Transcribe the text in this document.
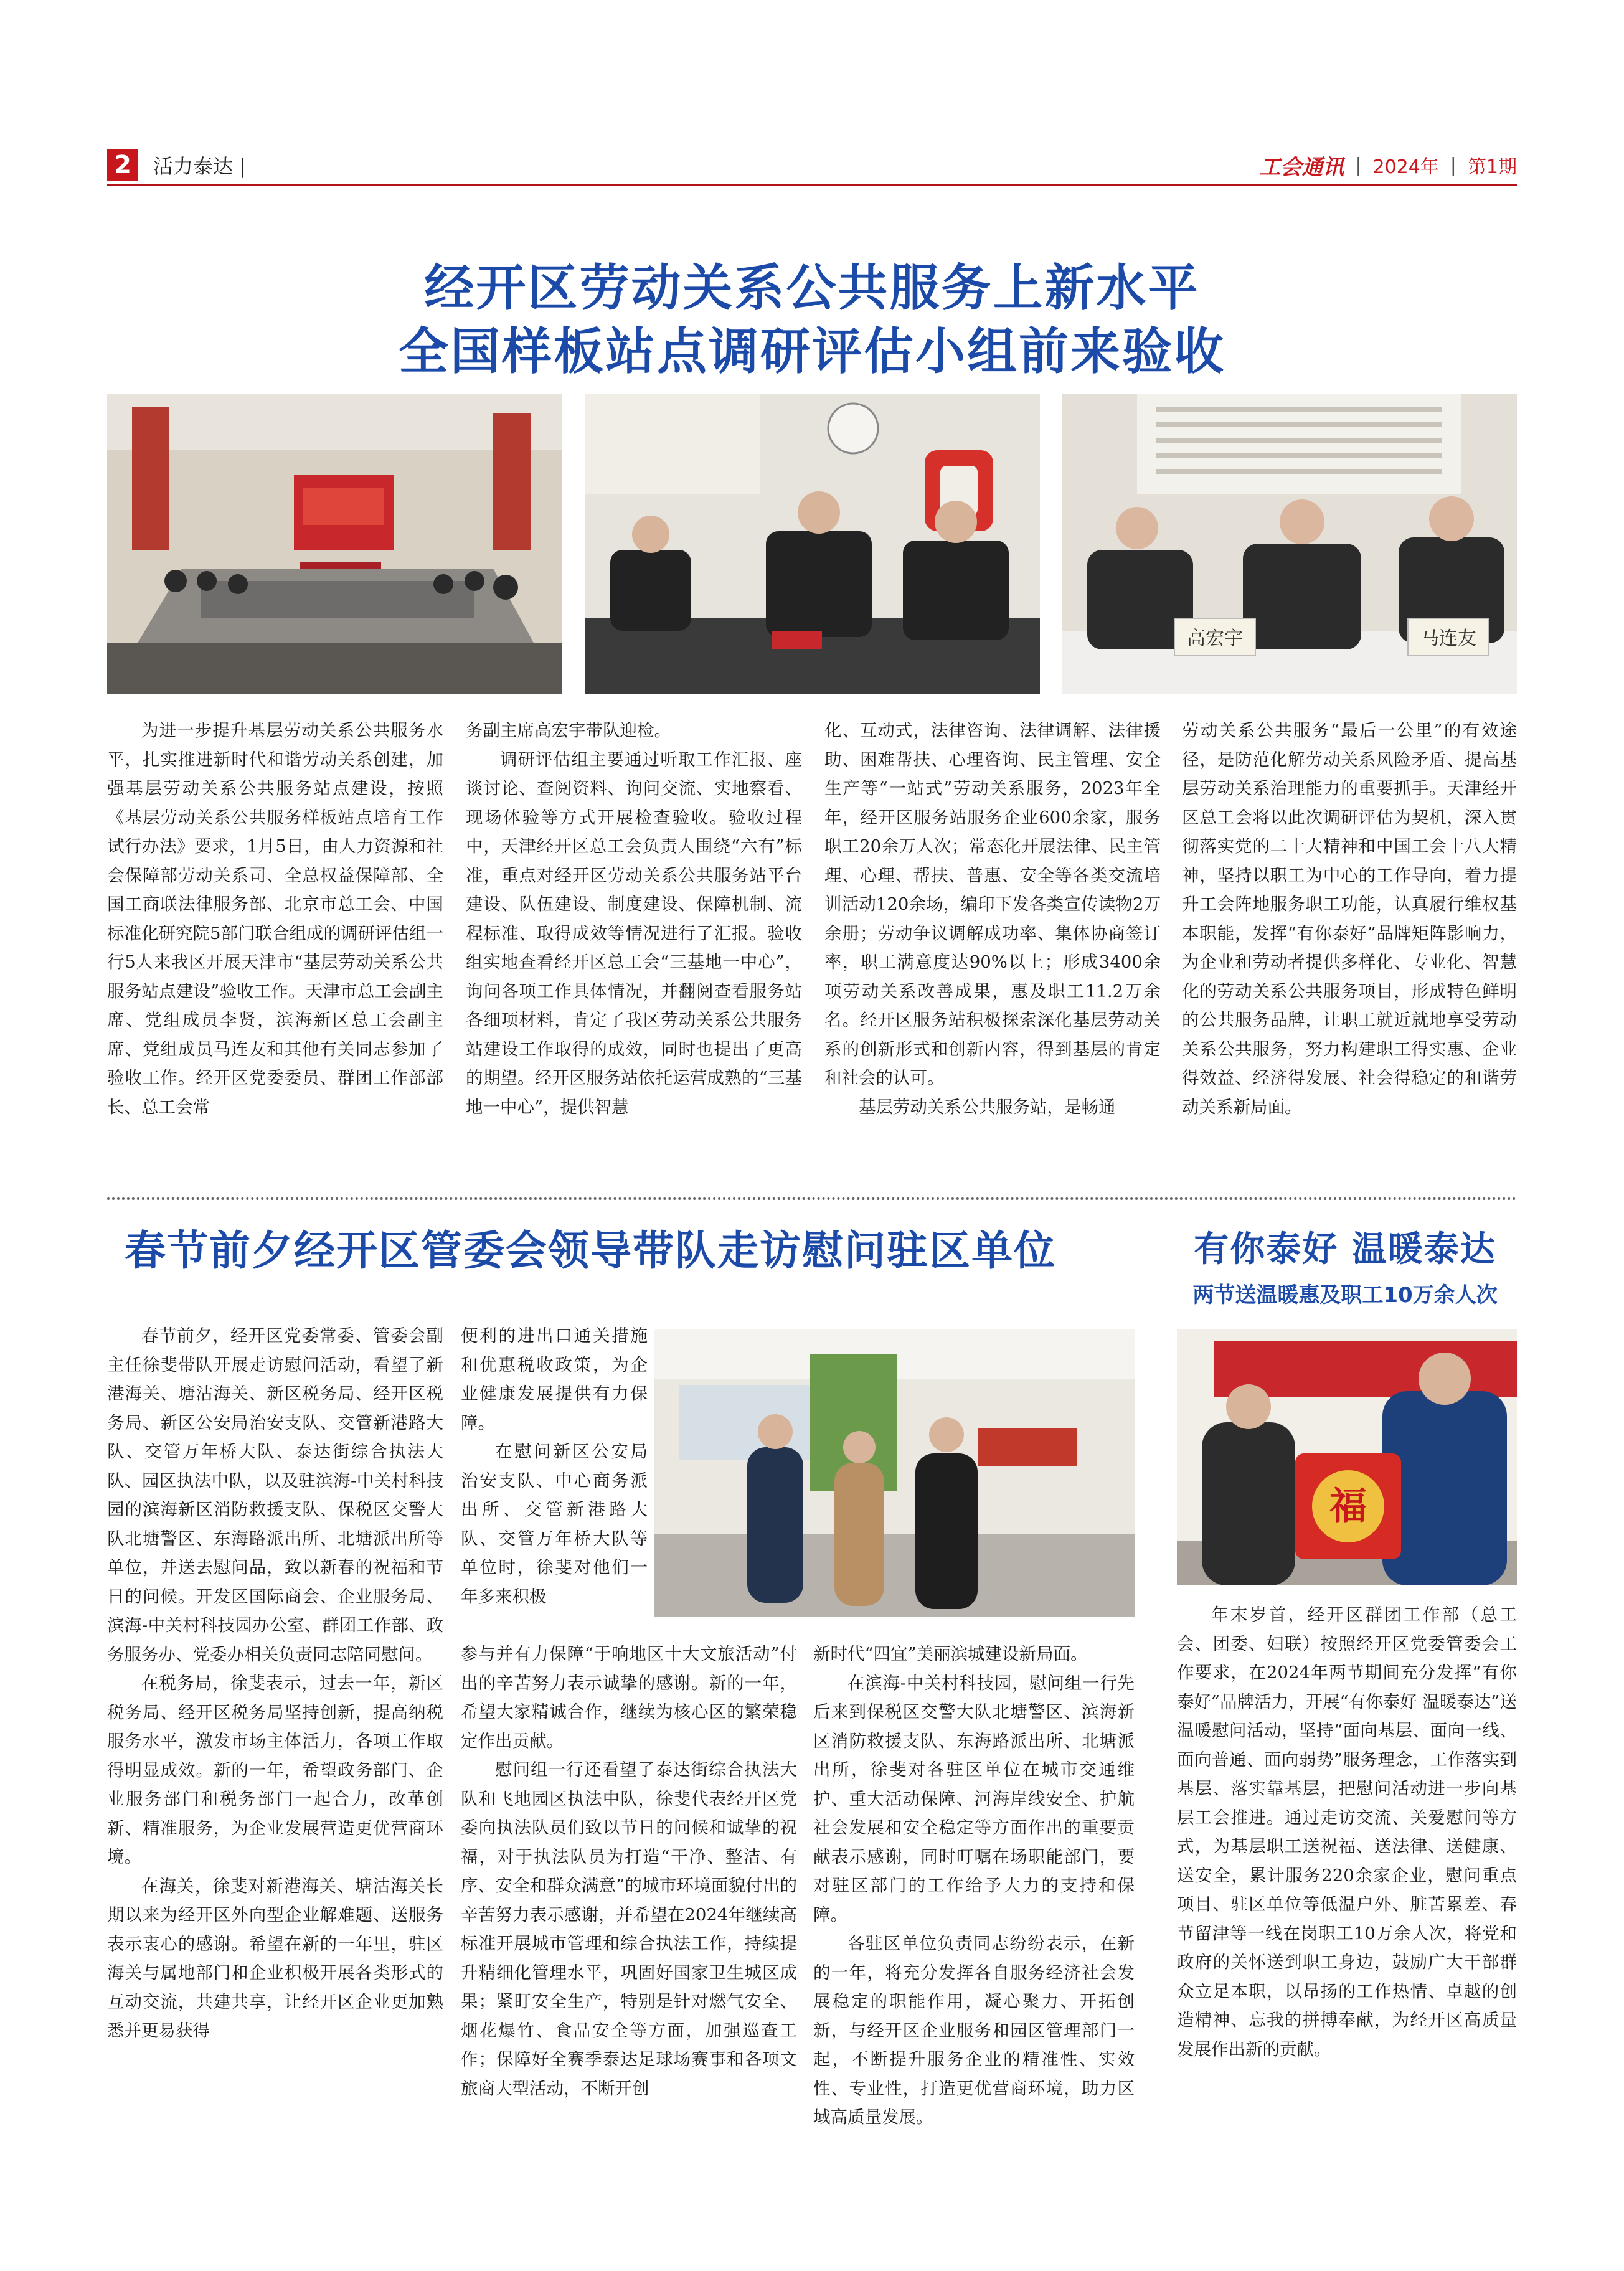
2	活力泰达 |	工会通讯 | 2024年 | 第1期
经开区劳动关系公共服务上新水平
全国样板站点调研评估小组前来验收
高宏宇	马连友

为进一步提升基层劳动关系公共服务水平，扎实推进新时代和谐劳动关系创建，加强基层劳动关系公共服务站点建设，按照《基层劳动关系公共服务样板站点培育工作试行办法》要求，1月5日，由人力资源和社会保障部劳动关系司、全总权益保障部、全国工商联法律服务部、北京市总工会、中国标准化研究院5部门联合组成的调研评估组一行5人来我区开展天津市“基层劳动关系公共服务站点建设”验收工作。天津市总工会副主席、党组成员李贤，滨海新区总工会副主席、党组成员马连友和其他有关同志参加了验收工作。经开区党委委员、群团工作部部长、总工会常

务副主席高宏宇带队迎检。

调研评估组主要通过听取工作汇报、座谈讨论、查阅资料、询问交流、实地察看、现场体验等方式开展检查验收。验收过程中，天津经开区总工会负责人围绕“六有”标准，重点对经开区劳动关系公共服务站平台建设、队伍建设、制度建设、保障机制、流程标准、取得成效等情况进行了汇报。验收组实地查看经开区总工会“三基地一中心”，询问各项工作具体情况，并翻阅查看服务站各细项材料，肯定了我区劳动关系公共服务站建设工作取得的成效，同时也提出了更高的期望。经开区服务站依托运营成熟的“三基地一中心”，提供智慧

化、互动式，法律咨询、法律调解、法律援助、困难帮扶、心理咨询、民主管理、安全生产等“一站式”劳动关系服务，2023年全年，经开区服务站服务企业600余家，服务职工20余万人次；常态化开展法律、民主管理、心理、帮扶、普惠、安全等各类交流培训活动120余场，编印下发各类宣传读物2万余册；劳动争议调解成功率、集体协商签订率，职工满意度达90%以上；形成3400余项劳动关系改善成果，惠及职工11.2万余名。经开区服务站积极探索深化基层劳动关系的创新形式和创新内容，得到基层的肯定和社会的认可。

基层劳动关系公共服务站，是畅通

劳动关系公共服务“最后一公里”的有效途径，是防范化解劳动关系风险矛盾、提高基层劳动关系治理能力的重要抓手。天津经开区总工会将以此次调研评估为契机，深入贯彻落实党的二十大精神和中国工会十八大精神，坚持以职工为中心的工作导向，着力提升工会阵地服务职工功能，认真履行维权基本职能，发挥“有你泰好”品牌矩阵影响力，为企业和劳动者提供多样化、专业化、智慧化的劳动关系公共服务项目，形成特色鲜明的公共服务品牌，让职工就近就地享受劳动关系公共服务，努力构建职工得实惠、企业得效益、经济得发展、社会得稳定的和谐劳动关系新局面。

春节前夕经开区管委会领导带队走访慰问驻区单位

春节前夕，经开区党委常委、管委会副主任徐斐带队开展走访慰问活动，看望了新港海关、塘沽海关、新区税务局、经开区税务局、新区公安局治安支队、交管新港路大队、交管万年桥大队、泰达街综合执法大队、园区执法中队，以及驻滨海-中关村科技园的滨海新区消防救援支队、保税区交警大队北塘警区、东海路派出所、北塘派出所等单位，并送去慰问品，致以新春的祝福和节日的问候。开发区国际商会、企业服务局、滨海-中关村科技园办公室、群团工作部、政务服务办、党委办相关负责同志陪同慰问。

在税务局，徐斐表示，过去一年，新区税务局、经开区税务局坚持创新，提高纳税服务水平，激发市场主体活力，各项工作取得明显成效。新的一年，希望政务部门、企业服务部门和税务部门一起合力，改革创新、精准服务，为企业发展营造更优营商环境。

在海关，徐斐对新港海关、塘沽海关长期以来为经开区外向型企业解难题、送服务表示衷心的感谢。希望在新的一年里，驻区海关与属地部门和企业积极开展各类形式的互动交流，共建共享，让经开区企业更加熟悉并更易获得

便利的进出口通关措施和优惠税收政策，为企业健康发展提供有力保障。

在慰问新区公安局治安支队、中心商务派出所、交管新港路大队、交管万年桥大队等单位时，徐斐对他们一年多来积极

参与并有力保障“于响地区十大文旅活动”付出的辛苦努力表示诚挚的感谢。新的一年，希望大家精诚合作，继续为核心区的繁荣稳定作出贡献。

慰问组一行还看望了泰达街综合执法大队和飞地园区执法中队，徐斐代表经开区党委向执法队员们致以节日的问候和诚挚的祝福，对于执法队员为打造“干净、整洁、有序、安全和群众满意”的城市环境面貌付出的辛苦努力表示感谢，并希望在2024年继续高标准开展城市管理和综合执法工作，持续提升精细化管理水平，巩固好国家卫生城区成果；紧盯安全生产，特别是针对燃气安全、烟花爆竹、食品安全等方面，加强巡查工作；保障好全赛季泰达足球场赛事和各项文旅商大型活动，不断开创

新时代“四宜”美丽滨城建设新局面。

在滨海-中关村科技园，慰问组一行先后来到保税区交警大队北塘警区、滨海新区消防救援支队、东海路派出所、北塘派出所，徐斐对各驻区单位在城市交通维护、重大活动保障、河海岸线安全、护航社会发展和安全稳定等方面作出的重要贡献表示感谢，同时叮嘱在场职能部门，要对驻区部门的工作给予大力的支持和保障。

各驻区单位负责同志纷纷表示，在新的一年，将充分发挥各自服务经济社会发展稳定的职能作用，凝心聚力、开拓创新，与经开区企业服务和园区管理部门一起，不断提升服务企业的精准性、实效性、专业性，打造更优营商环境，助力区域高质量发展。

有你泰好 温暖泰达
两节送温暖惠及职工10万余人次
福

年末岁首，经开区群团工作部（总工会、团委、妇联）按照经开区党委管委会工作要求，在2024年两节期间充分发挥“有你泰好”品牌活力，开展“有你泰好 温暖泰达”送温暖慰问活动，坚持“面向基层、面向一线、面向普通、面向弱势”服务理念，工作落实到基层、落实靠基层，把慰问活动进一步向基层工会推进。通过走访交流、关爱慰问等方式，为基层职工送祝福、送法律、送健康、送安全，累计服务220余家企业，慰问重点项目、驻区单位等低温户外、脏苦累差、春节留津等一线在岗职工10万余人次，将党和政府的关怀送到职工身边，鼓励广大干部群众立足本职，以昂扬的工作热情、卓越的创造精神、忘我的拼搏奉献，为经开区高质量发展作出新的贡献。
